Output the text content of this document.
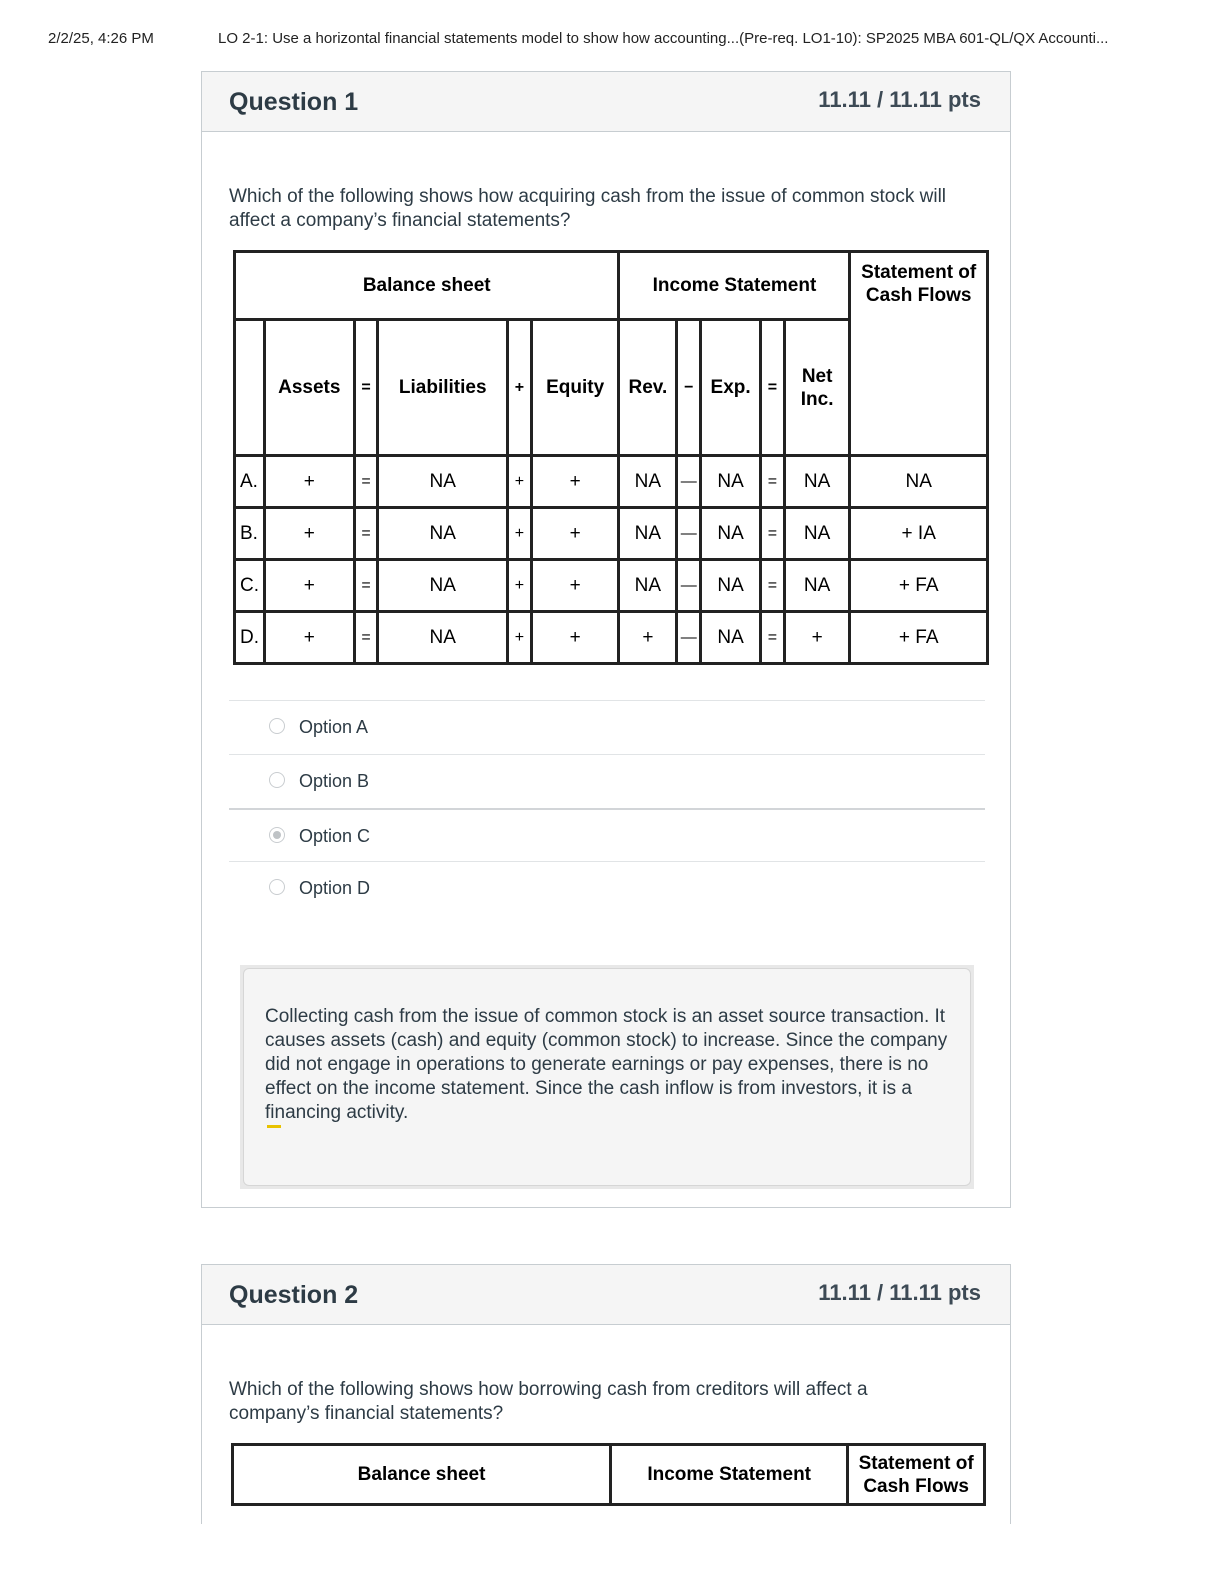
2/2/25, 4:26 PM	LO 2-1: Use a horizontal financial statements model to show how accounting...(Pre-req. LO1-10): SP2025 MBA 601-QL/QX Accounti...
Question 1	11.11 / 11.11 pts
Which of the following shows how acquiring cash from the issue of common stock will affect a company’s financial statements?
Balance sheet						Income Statement					Statement of Cash Flows
	Assets	=	Liabilities	+	Equity	Rev.	−	Exp.	=	Net Inc.	
A.	+	=	NA	+	+	NA	—	NA	=	NA	NA
B.	+	=	NA	+	+	NA	—	NA	=	NA	+ IA
C.	+	=	NA	+	+	NA	—	NA	=	NA	+ FA
D.	+	=	NA	+	+	+	—	NA	=	+	+ FA
Option A
Option B
Option C
Option D
Collecting cash from the issue of common stock is an asset source transaction. It causes assets (cash) and equity (common stock) to increase. Since the company did not engage in operations to generate earnings or pay expenses, there is no effect on the income statement. Since the cash inflow is from investors, it is a financing activity.

Question 2	11.11 / 11.11 pts
Which of the following shows how borrowing cash from creditors will affect a company’s financial statements?
Balance sheet	Income Statement	Statement of Cash Flows
